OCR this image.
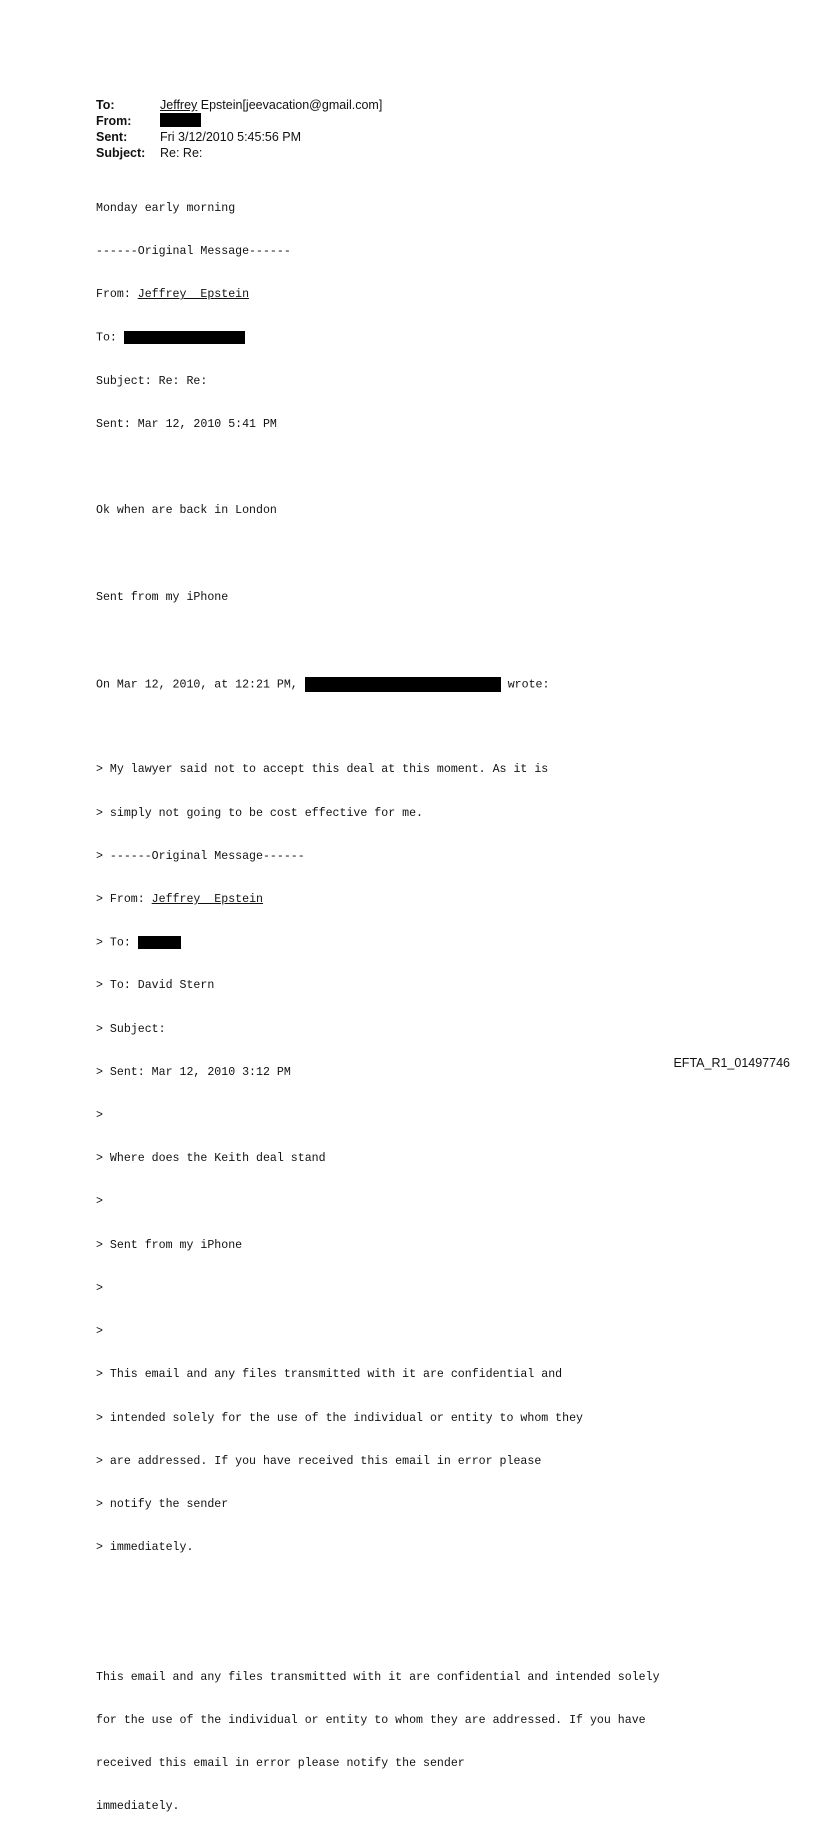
To:	Jeffrey Epstein[jeevacation@gmail.com]
From:
Sent:	Fri 3/12/2010 5:45:56 PM
Subject:	Re: Re:

Monday early morning

------Original Message------

From: Jeffrey  Epstein

To:

Subject: Re: Re:

Sent: Mar 12, 2010 5:41 PM

Ok when are back in London

Sent from my iPhone

On Mar 12, 2010, at 12:21 PM,	wrote:

> My lawyer said not to accept this deal at this moment. As it is

> simply not going to be cost effective for me.

> ------Original Message------

> From: Jeffrey  Epstein

> To:

> To: David Stern

> Subject:

> Sent: Mar 12, 2010 3:12 PM

>

> Where does the Keith deal stand

>

> Sent from my iPhone

>

>

> This email and any files transmitted with it are confidential and

> intended solely for the use of the individual or entity to whom they

> are addressed. If you have received this email in error please

> notify the sender

> immediately.

This email and any files transmitted with it are confidential and intended solely

for the use of the individual or entity to whom they are addressed. If you have

received this email in error please notify the sender

immediately.

EFTA_R1_01497746
